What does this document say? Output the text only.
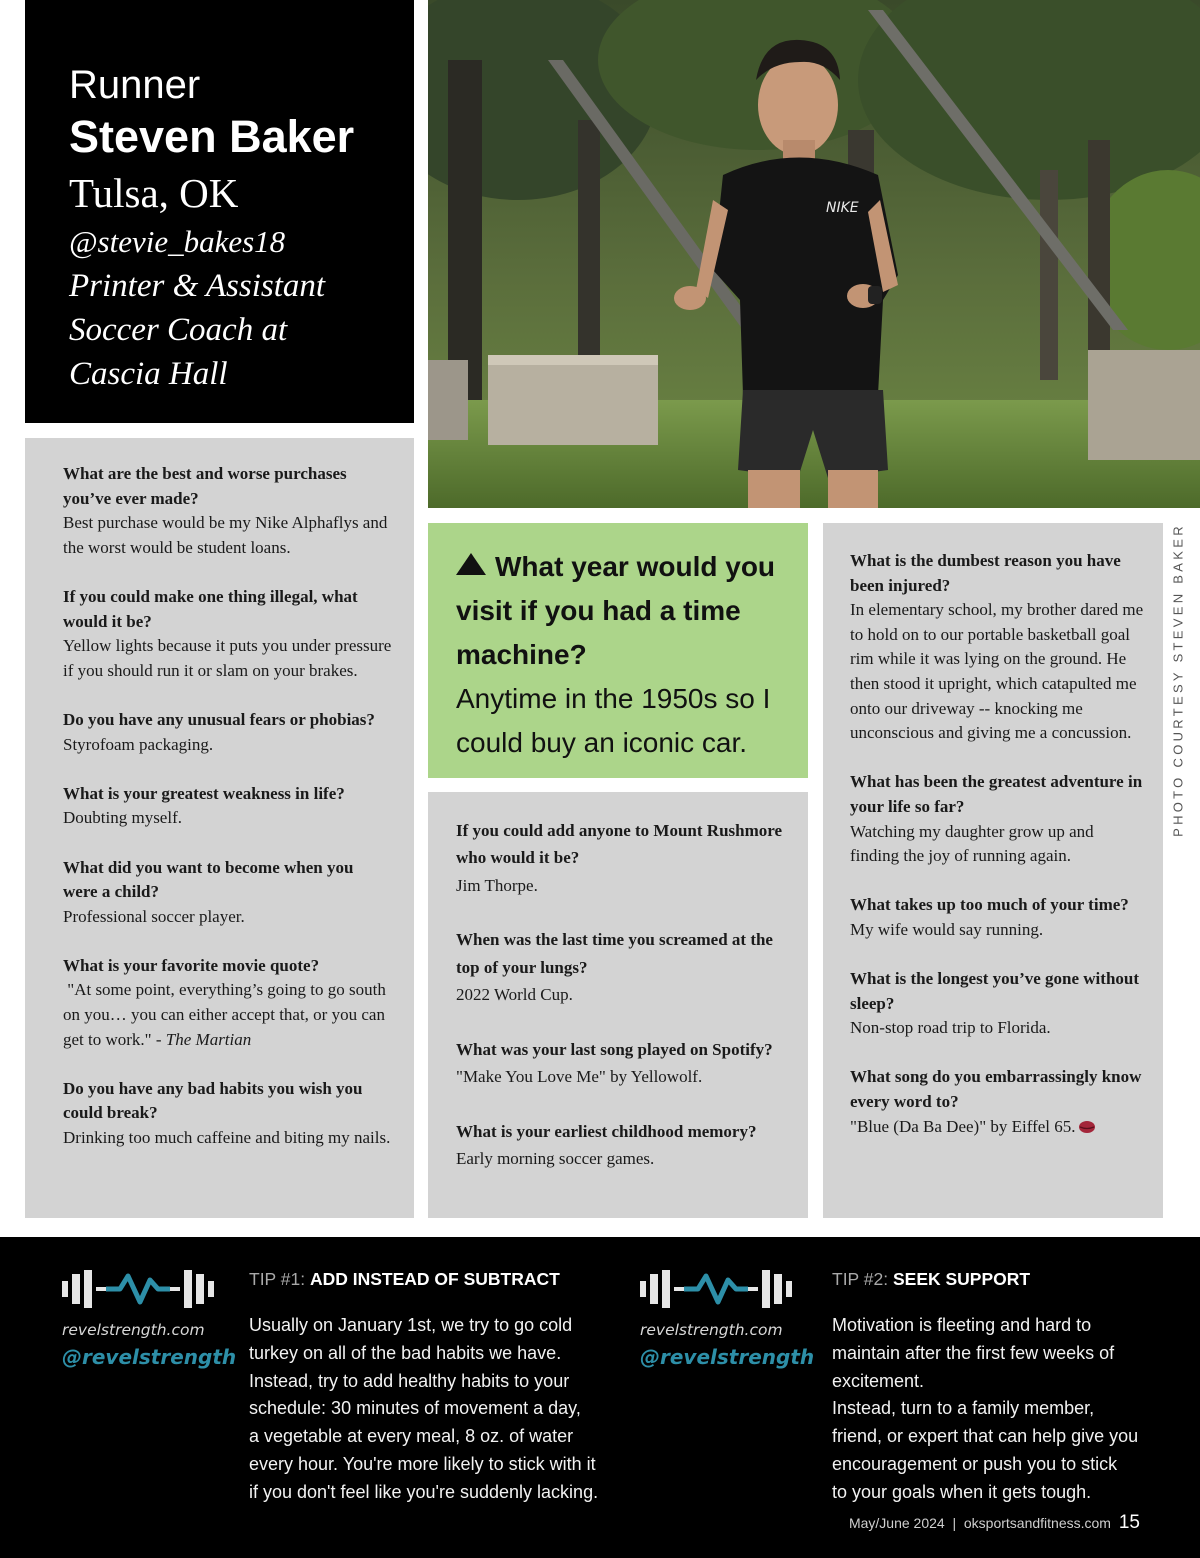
Runner
Steven Baker
Tulsa, OK
@stevie_bakes18
Printer & Assistant
Soccer Coach at
Cascia Hall
NIKE
PHOTO COURTESY STEVEN BAKER
What are the best and worse purchases you’ve ever made?
Best purchase would be my Nike Alphaflys and the worst would be student loans.
If you could make one thing illegal, what would it be?
Yellow lights because it puts you under pressure if you should run it or slam on your brakes.
Do you have any unusual fears or phobias?
Styrofoam packaging.
What is your greatest weakness in life?
Doubting myself.
What did you want to become when you were a child?
Professional soccer player.
What is your favorite movie quote?
"At some point, everything’s going to go south on you… you can either accept that, or you can get to work." - The Martian
Do you have any bad habits you wish you could break?
Drinking too much caffeine and biting my nails.
What year would you visit if you had a time machine?
Anytime in the 1950s so I could buy an iconic car.
If you could add anyone to Mount Rushmore who would it be?
Jim Thorpe.
When was the last time you screamed at the top of your lungs?
2022 World Cup.
What was your last song played on Spotify?
"Make You Love Me" by Yellowolf.
What is your earliest childhood memory?
Early morning soccer games.
What is the dumbest reason you have been injured?
In elementary school, my brother dared me to hold on to our portable basketball goal rim while it was lying on the ground. He then stood it upright, which catapulted me onto our driveway -- knocking me unconscious and giving me a concussion.
What has been the greatest adventure in your life so far?
Watching my daughter grow up and finding the joy of running again.
What takes up too much of your time?
My wife would say running.
What is the longest you’ve gone without sleep?
Non-stop road trip to Florida.
What song do you embarrassingly know every word to?
"Blue (Da Ba Dee)" by Eiffel 65.
revelstrength.com
@revelstrength
TIP #1: ADD INSTEAD OF SUBTRACT
Usually on January 1st, we try to go cold
turkey on all of the bad habits we have.
Instead, try to add healthy habits to your
schedule: 30 minutes of movement a day,
a vegetable at every meal, 8 oz. of water
every hour. You're more likely to stick with it
if you don't feel like you're suddenly lacking.
revelstrength.com
@revelstrength
TIP #2: SEEK SUPPORT
Motivation is fleeting and hard to
maintain after the first few weeks of
excitement.
Instead, turn to a family member,
friend, or expert that can help give you
encouragement or push you to stick
to your goals when it gets tough.
May/June 2024 | oksportsandfitness.com 15
